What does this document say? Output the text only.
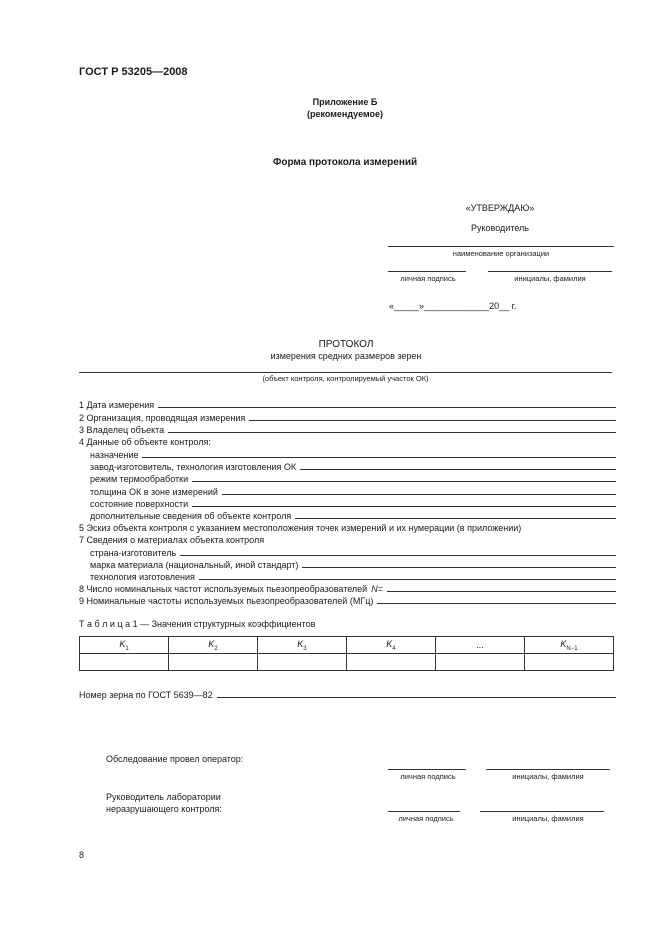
ГОСТ Р 53205—2008
Приложение Б
(рекомендуемое)
Форма протокола измерений
«УТВЕРЖДАЮ»
Руководитель
наименование организации
личная подпись	инициалы, фамилия
«_____»_____________20__ г.
ПРОТОКОЛ
измерения средних размеров зерен
(объект контроля, контролируемый участок ОК)
1 Дата измерения
2 Организация, проводящая измерения
3 Владелец объекта
4 Данные об объекте контроля:
назначение
завод-изготовитель, технология изготовления ОК
режим термообработки
толщина ОК в зоне измерений
состояние поверхности
дополнительные сведения об объекте контроля
5 Эскиз объекта контроля с указанием местоположения точек измерений и их нумерации (в приложении)
7 Сведения о материалах объекта контроля
страна-изготовитель
марка материала (национальный, иной стандарт)
технология изготовления
8 Число номинальных частот используемых пьезопреобразователей N=
9 Номинальные частоты используемых пьезопреобразователей (МГц)
Т а б л и ц а 1 — Значения структурных коэффициентов
$K_1$	$K_2$	$K_3$	$K_4$	...	$K_{N-1}$

Номер зерна по ГОСТ 5639—82
Обследование провел оператор:
личная подпись	инициалы, фамилия
Руководитель лаборатории
неразрушающего контроля:
личная подпись	инициалы, фамилия
8
